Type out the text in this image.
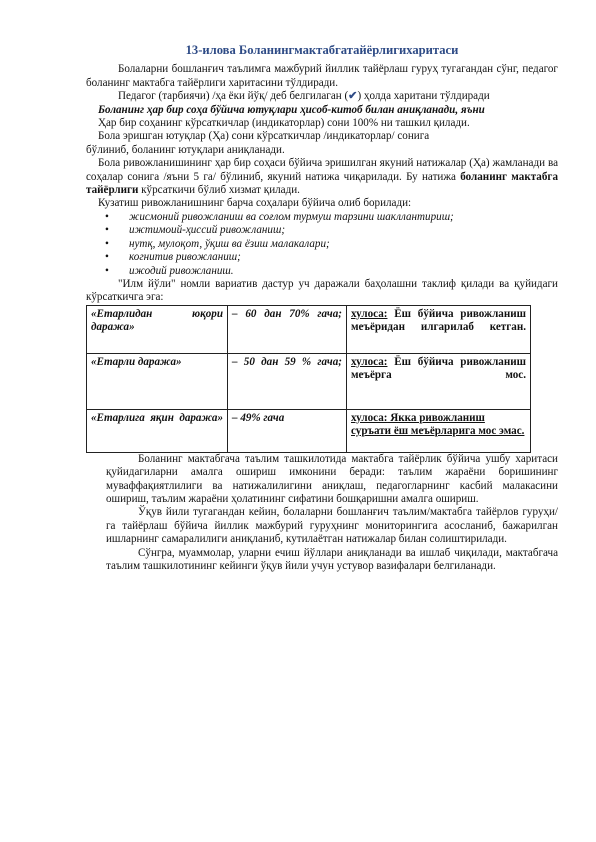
13-илова Боланингмактабгатайёрлигихаритаси

Болаларни бошланғич таълимга мажбурий йиллик тайёрлаш гуруҳ тугагандан сўнг, педагог боланинг мактабга тайёрлиги харитасини тўлдиради.

Педагог (тарбиячи) /ҳа ёки йўқ/ деб белгилаган (✔) ҳолда харитани тўлдиради

Боланинг ҳар бир соҳа бўйича ютуқлари ҳисоб-китоб билан аниқланади, яъни

Ҳар бир соҳанинг кўрсаткичлар (индикаторлар) сони 100% ни ташкил қилади.

Бола эришган ютуқлар (Ҳа) сони кўрсаткичлар /индикаторлар/ сонига

бўлиниб, боланинг ютуқлари аниқланади.

Бола ривожланишининг ҳар бир соҳаси бўйича эришилган якуний натижалар (Ҳа) жамланади ва соҳалар сонига /яъни 5 га/ бўлиниб, якуний натижа чиқарилади. Бу натижа боланинг мактабга тайёрлиги кўрсаткичи бўлиб хизмат қилади.

Кузатиш ривожланишнинг барча соҳалари бўйича олиб борилади:

• жисмоний ривожланиш ва соғлом турмуш тарзини шакллантириш;
• ижтимоий-ҳиссий ривожланиш;
• нутқ, мулоқот, ўқиш ва ёзиш малакалари;
• когнитив ривожланиш;
• ижодий ривожланиш.

"Илм йўли" номли вариатив дастур уч даражали баҳолашни таклиф қилади ва қуйидаги кўрсаткичга эга:

«Етарлидан юқори даража»	– 60 дан 70% гача;	хулоса: Ёш бўйича ривожланиш меъёридан илгарилаб кетган.
«Етарли даража»	– 50 дан 59 % гача;	хулоса: Ёш бўйича ривожланиш меъёрга мос.
«Етарлига яқин даража»	– 49% гача	хулоса: Якка ривожланиш суръати ёш меъёрларига мос эмас.

Боланинг мактабгача таълим ташкилотида мактабга тайёрлик бўйича ушбу харитаси қуйидагиларни амалга ошириш имконини беради: таълим жараёни боришининг муваффақиятлилиги ва натижалилигини аниқлаш, педагогларнинг касбий малакасини ошириш, таълим жараёни ҳолатининг сифатини бошқаришни амалга ошириш.

Ўқув йили тугагандан кейин, болаларни бошланғич таълим/мактабга тайёрлов гуруҳи/га тайёрлаш бўйича йиллик мажбурий гуруҳнинг мониторингига асосланиб, бажарилган ишларнинг самаралилиги аниқланиб, кутилаётган натижалар билан солиштирилади.

Сўнгра, муаммолар, уларни ечиш йўллари аниқланади ва ишлаб чиқилади, мактабгача таълим ташкилотининг кейинги ўқув йили учун устувор вазифалари белгиланади.
